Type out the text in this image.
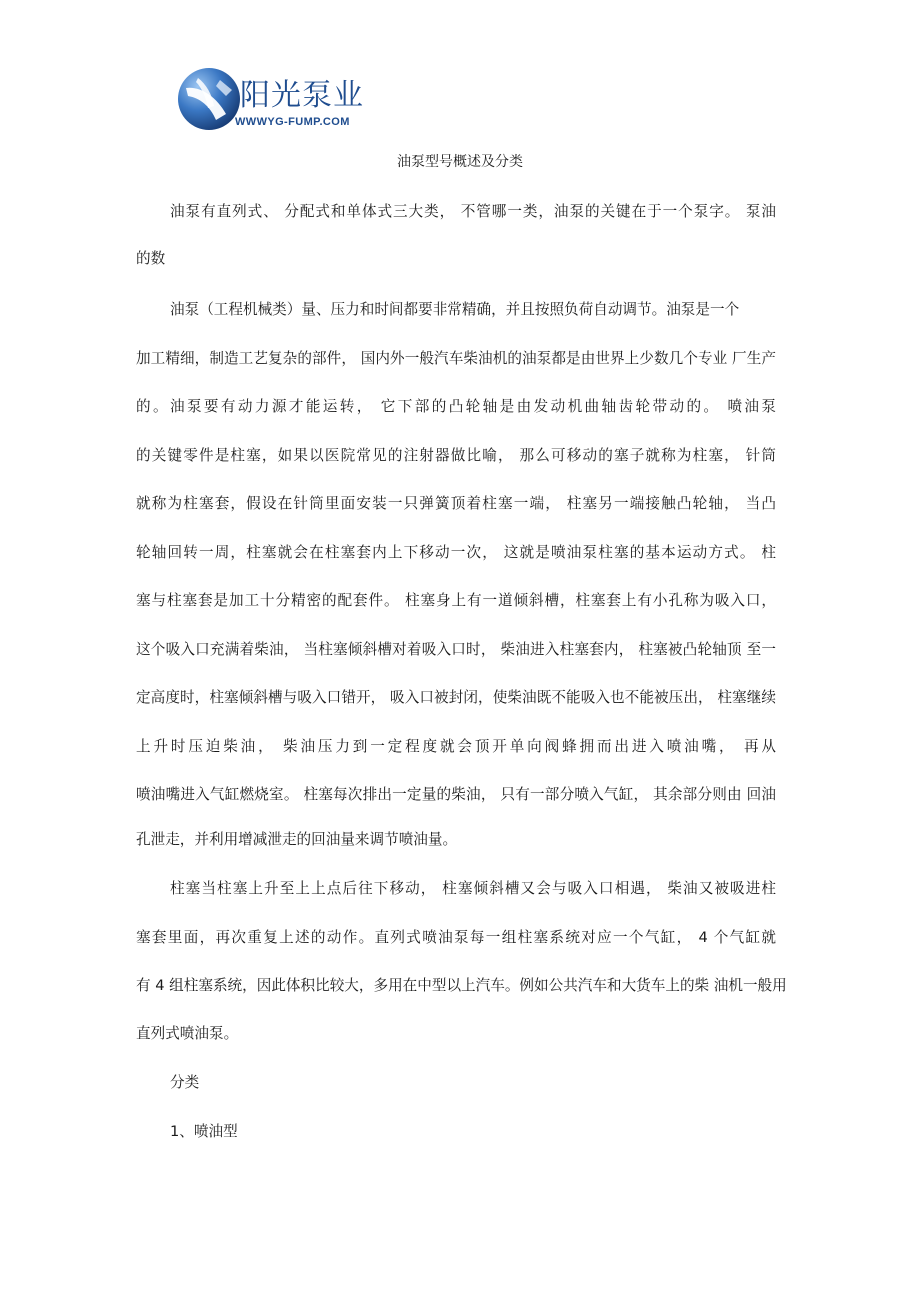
阳光泵业
WWWYG-FUMP.COM
油泵型号概述及分类
油泵有直列式、 分配式和单体式三大类， 不管哪一类，油泵的关键在于一个泵字。 泵油
的数
油泵（工程机械类）量、压力和时间都要非常精确，并且按照负荷自动调节。油泵是一个
加工精细，制造工艺复杂的部件， 国内外一般汽车柴油机的油泵都是由世界上少数几个专业 厂生产
的。油泵要有动力源才能运转， 它下部的凸轮轴是由发动机曲轴齿轮带动的。 喷油泵
的关键零件是柱塞，如果以医院常见的注射器做比喻， 那么可移动的塞子就称为柱塞， 针筒
就称为柱塞套，假设在针筒里面安装一只弹簧顶着柱塞一端， 柱塞另一端接触凸轮轴， 当凸
轮轴回转一周，柱塞就会在柱塞套内上下移动一次， 这就是喷油泵柱塞的基本运动方式。 柱
塞与柱塞套是加工十分精密的配套件。 柱塞身上有一道倾斜槽，柱塞套上有小孔称为吸入口，
这个吸入口充满着柴油， 当柱塞倾斜槽对着吸入口时， 柴油进入柱塞套内， 柱塞被凸轮轴顶 至一
定高度时，柱塞倾斜槽与吸入口错开， 吸入口被封闭，使柴油既不能吸入也不能被压出， 柱塞继续
上升时压迫柴油， 柴油压力到一定程度就会顶开单向阀蜂拥而出进入喷油嘴， 再从
喷油嘴进入气缸燃烧室。 柱塞每次排出一定量的柴油， 只有一部分喷入气缸， 其余部分则由 回油
孔泄走，并利用增减泄走的回油量来调节喷油量。
柱塞当柱塞上升至上上点后往下移动， 柱塞倾斜槽又会与吸入口相遇， 柴油又被吸进柱
塞套里面，再次重复上述的动作。直列式喷油泵每一组柱塞系统对应一个气缸， 4 个气缸就
有 4 组柱塞系统，因此体积比较大，多用在中型以上汽车。例如公共汽车和大货车上的柴 油机一般用
直列式喷油泵。
分类
1、喷油型
